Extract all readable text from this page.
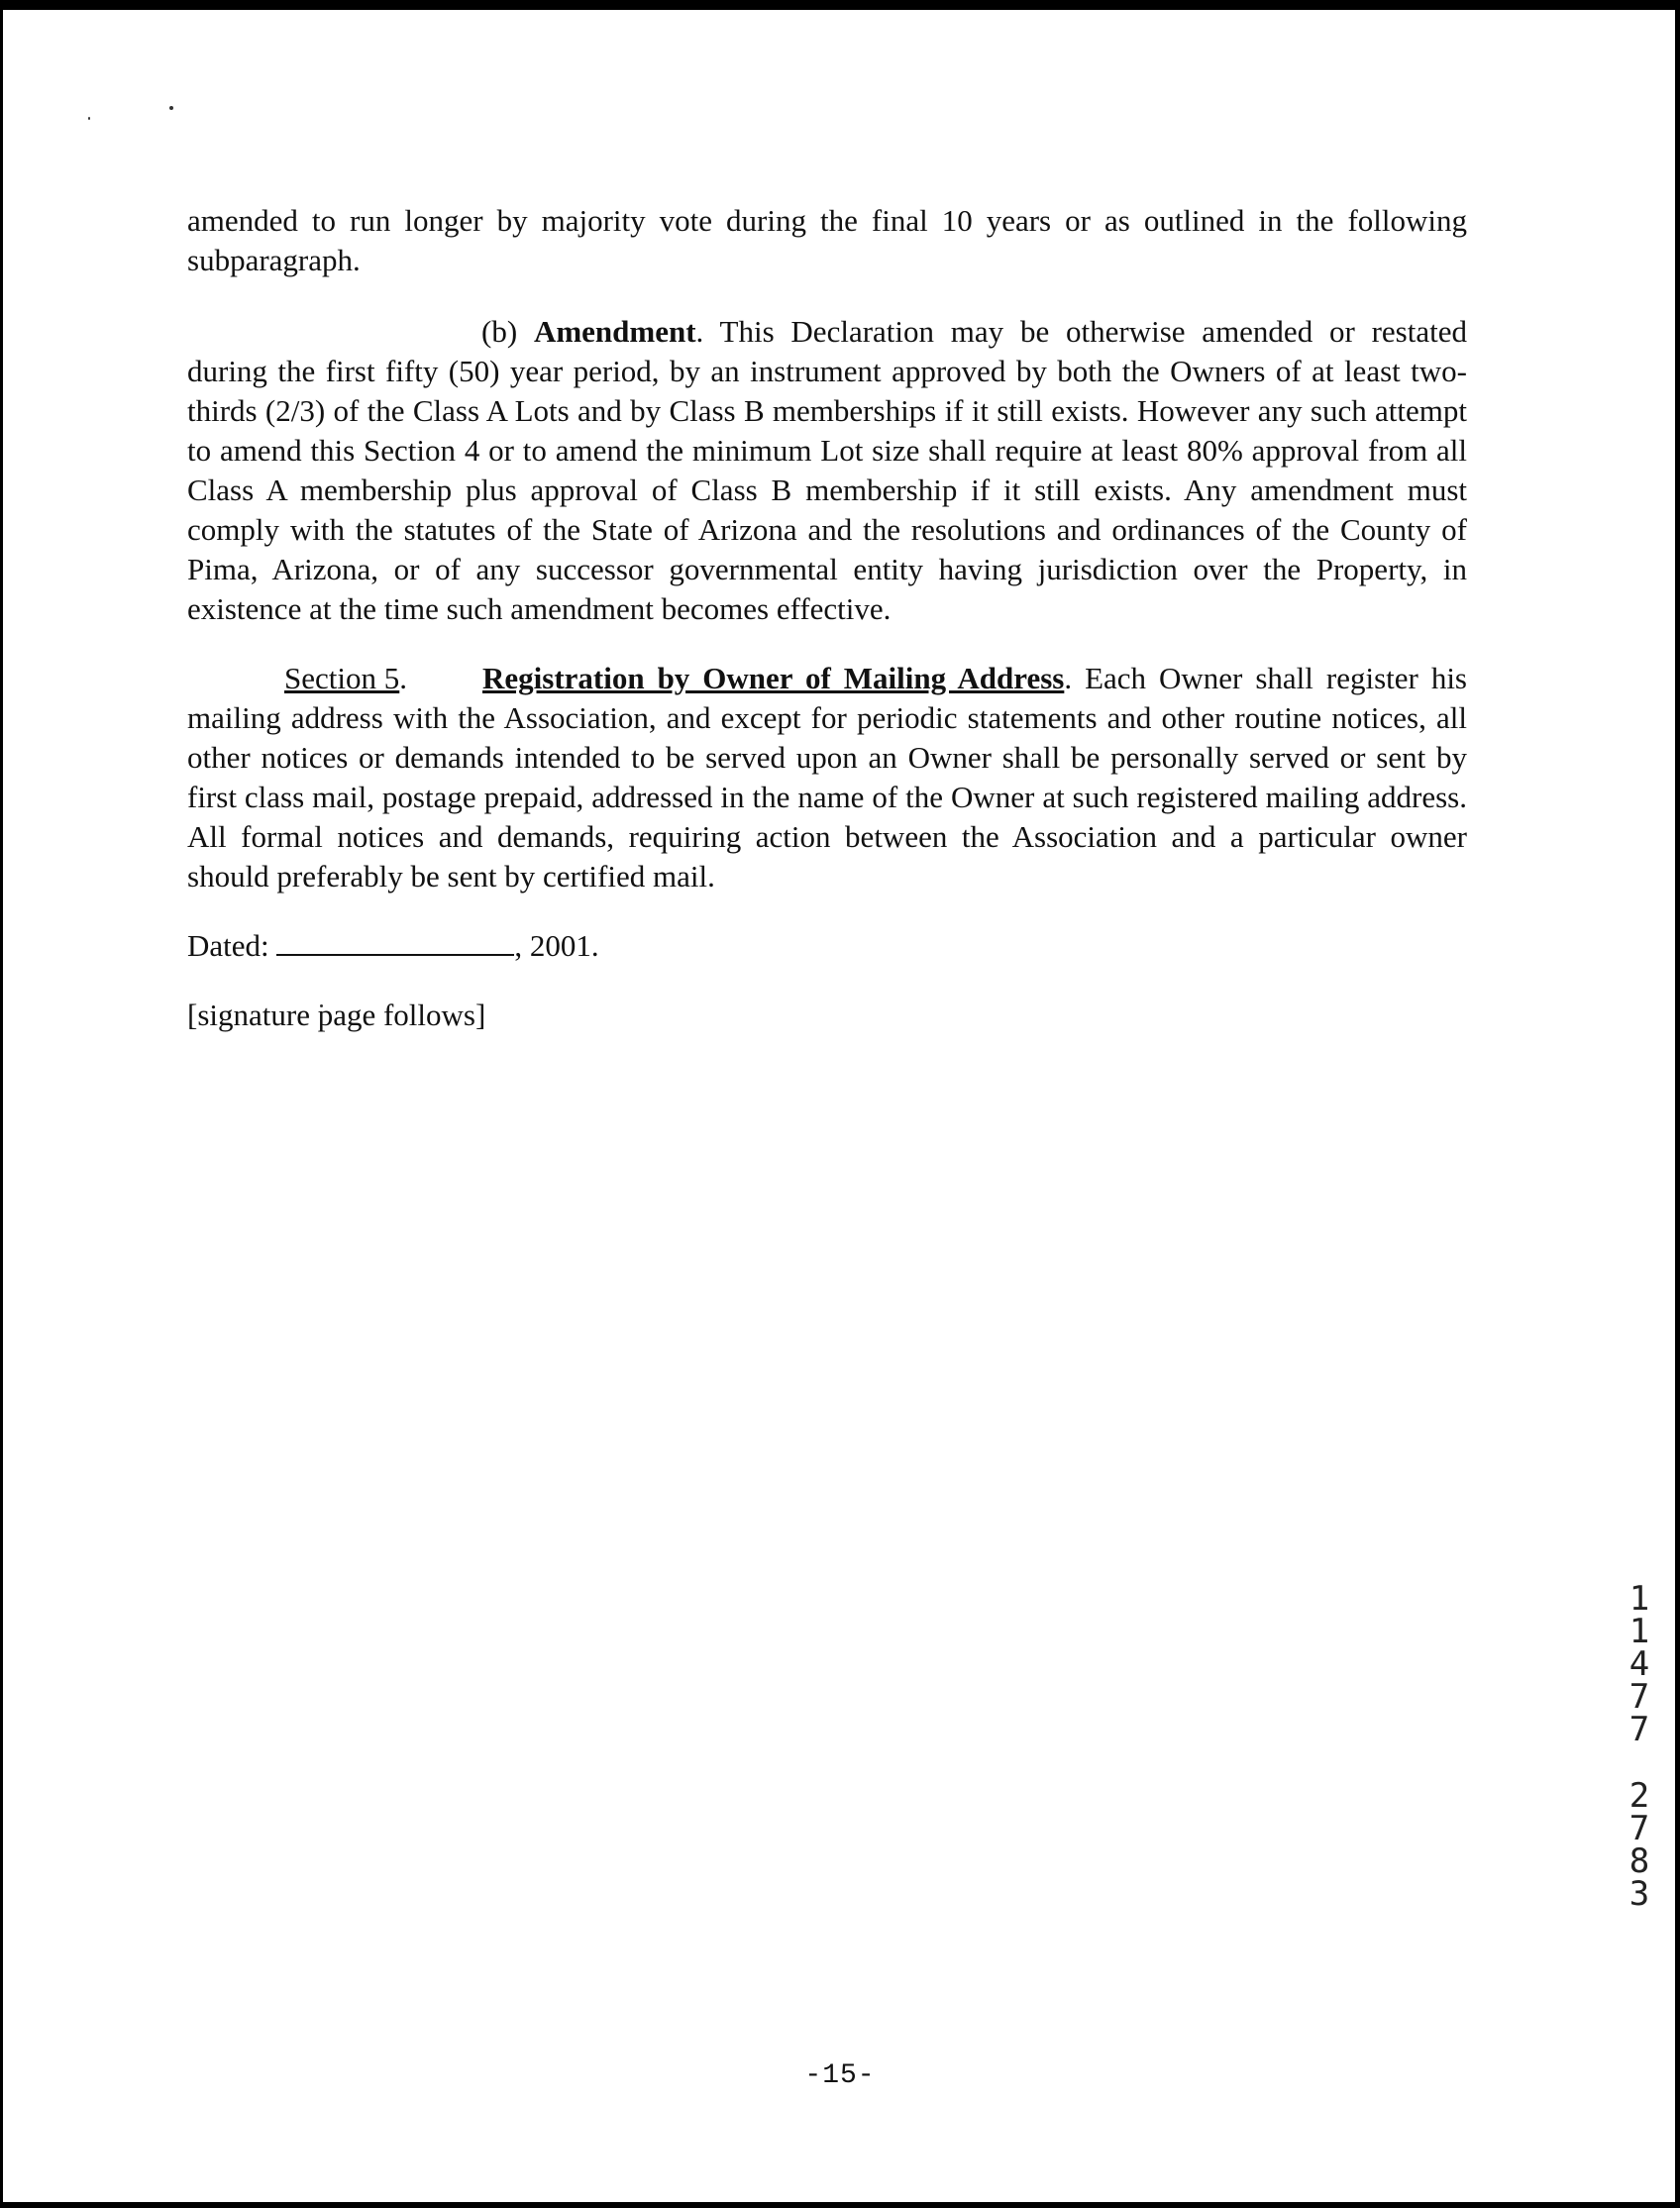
amended to run longer by majority vote during the final 10 years or as outlined in the following subparagraph.

(b) Amendment. This Declaration may be otherwise amended or restated during the first fifty (50) year period, by an instrument approved by both the Owners of at least two-thirds (2/3) of the Class A Lots and by Class B memberships if it still exists. However any such attempt to amend this Section 4 or to amend the minimum Lot size shall require at least 80% approval from all Class A membership plus approval of Class B membership if it still exists. Any amendment must comply with the statutes of the State of Arizona and the resolutions and ordinances of the County of Pima, Arizona, or of any successor governmental entity having jurisdiction over the Property, in existence at the time such amendment becomes effective.

Section 5. Registration by Owner of Mailing Address. Each Owner shall register his mailing address with the Association, and except for periodic statements and other routine notices, all other notices or demands intended to be served upon an Owner shall be personally served or sent by first class mail, postage prepaid, addressed in the name of the Owner at such registered mailing address. All formal notices and demands, requiring action between the Association and a particular owner should preferably be sent by certified mail.

Dated:	, 2001.

[signature page follows]

1
1
4
7
7
2
7
8
3
-15-
